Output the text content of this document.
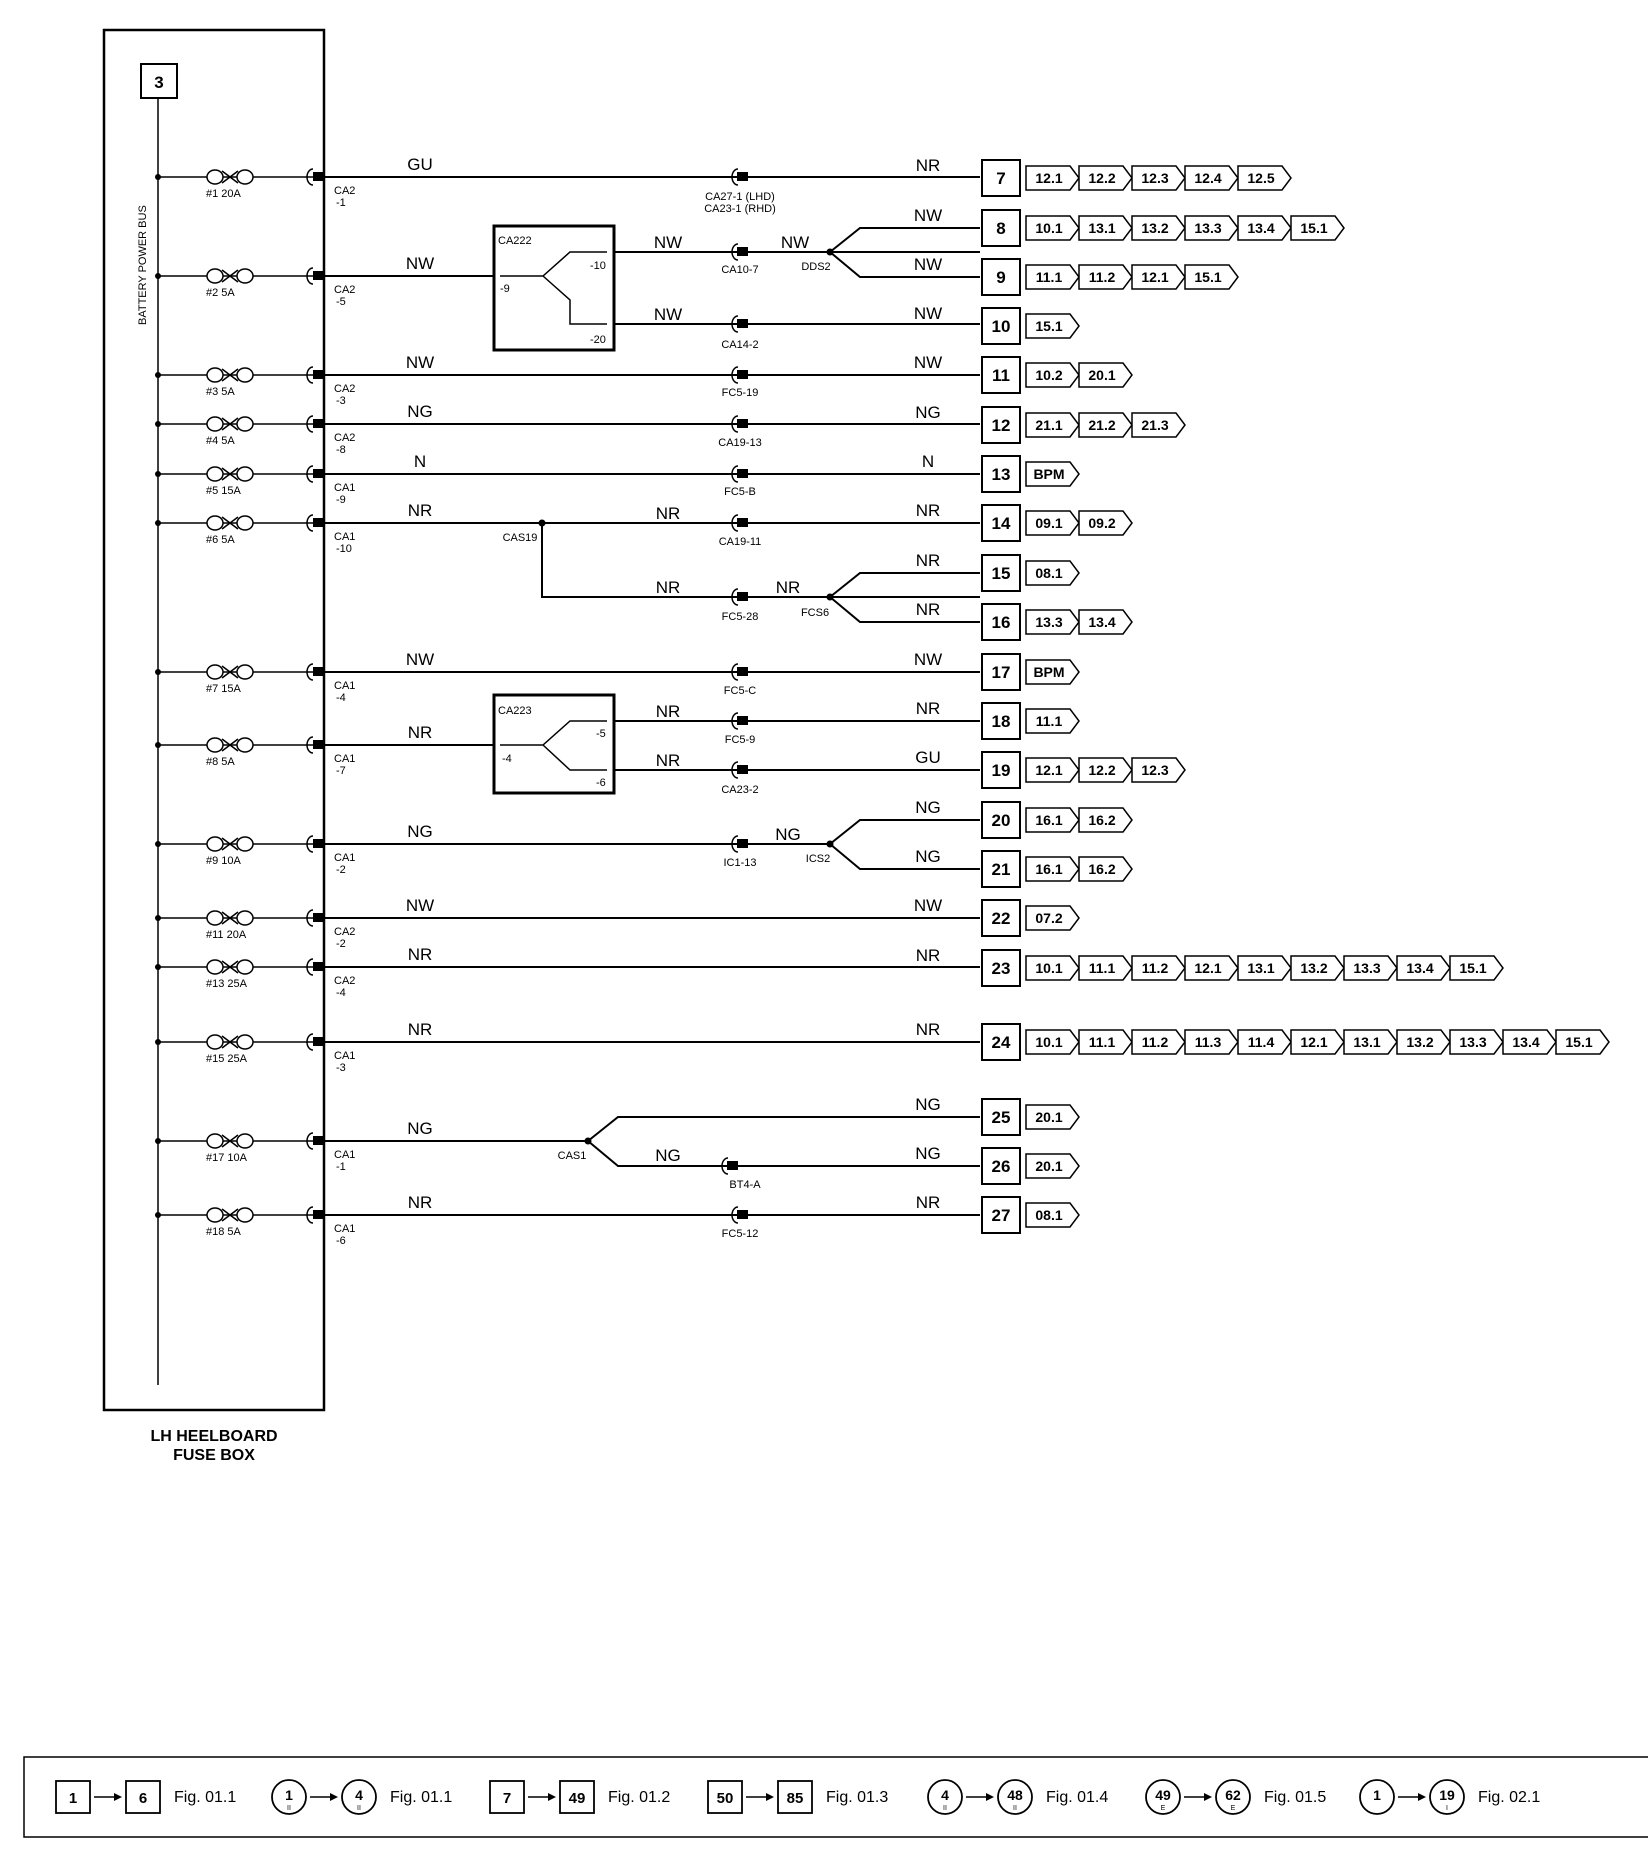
3
BATTERY POWER BUS
LH HEELBOARD
FUSE BOX
CA222
-9
-10
-20
CA223
-4
-5
-6
#1 20A	CA2
-1
GU
#2 5A	CA2
-5
NW
#3 5A	CA2
-3
NW
#4 5A	CA2
-8
NG
#5 15A	CA1
-9
N
#6 5A	CA1
-10
NR
#7 15A	CA1
-4
NW
#8 5A	CA1
-7
NR
#9 10A	CA1
-2
NG
#11 20A	CA2
-2
NW
#13 25A	CA2
-4
NR
#15 25A	CA1
-3
NR
#17 10A	CA1
-1
NG
#18 5A	CA1
-6
NR
CA27-1 (LHD)
CA23-1 (RHD)
CA10-7
CA14-2
NW
NW
NW
DDS2
FC5-19
CA19-13
FC5-B
CA19-11
FC5-28
CAS19
FCS6
NR
NR	NR
FC5-C
FC5-9
CA23-2
NR
NR
IC1-13	ICS2
NG
CAS1	NG
BT4-A
FC5-12
NR
7 12.1 12.2 12.3 12.4 12.5
NW
8 10.1 13.1 13.2 13.3 13.4 15.1
NW
9 11.1 11.2 12.1 15.1
NW
10 15.1
NW
11 10.2 20.1
NG
12 21.1 21.2 21.3
N
13 BPM
NR
14 09.1 09.2
NR
15 08.1
NR
16 13.3 13.4
NW
17 BPM
NR
18 11.1
GU
19 12.1 12.2 12.3
NG
20 16.1 16.2
NG
21 16.1 16.2
NW
22 07.2
NR
23 10.1 11.1 11.2 12.1 13.1 13.2 13.3 13.4 15.1
NR
24 10.1 11.1 11.2 11.3 11.4 12.1 13.1 13.2 13.3 13.4 15.1
NG
25 20.1
NG
26 20.1
NR
27 08.1
1	6 Fig. 01.1	1
II
4
II
Fig. 01.1	7	49 Fig. 01.2	50	85 Fig. 01.3	4
II
48
II
Fig. 01.4	49
E
62
E
Fig. 01.5	1	19
I
Fig. 02.1
